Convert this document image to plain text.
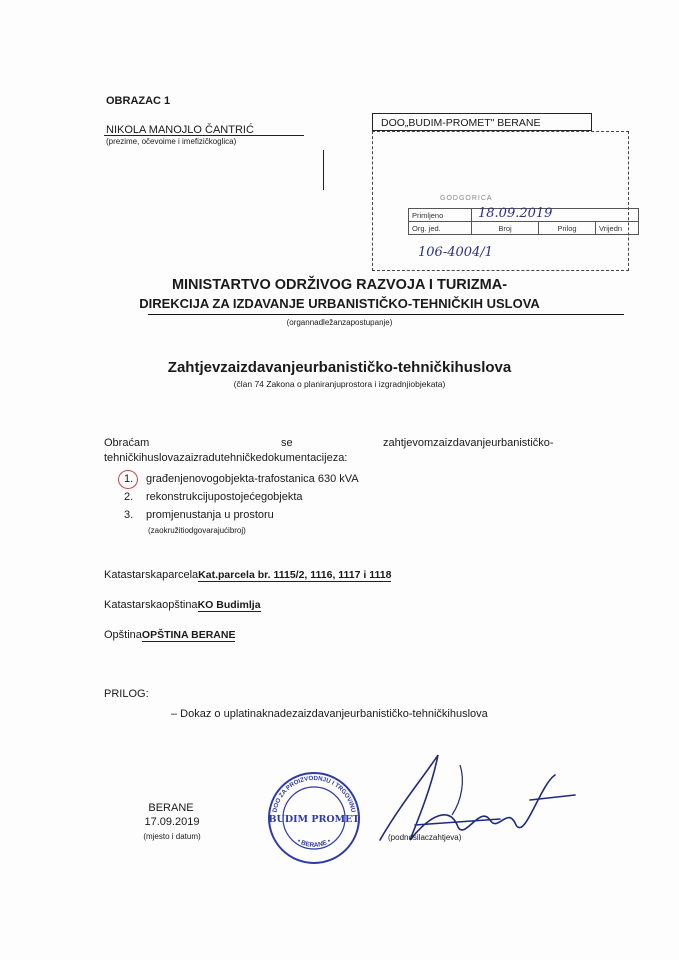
OBRAZAC 1
NIKOLA MANOJLO ČANTRIĆ
(prezime, očevoime i imefizičkoglica)
DOO„BUDIM-PROMET" BERANE
GODGORICA
Primljeno			
Org. jed.	Broj	Prilog	Vrijedn
18.09.2019
106-4004/1
MINISTARTVO ODRŽIVOG RAZVOJA I TURIZMA-
DIREKCIJA ZA IZDAVANJE URBANISTIČKO-TEHNIČKIH USLOVA
(organnadležanzapostupanje)
Zahtjevzaizdavanjeurbanističko-tehničkihuslova
(član 74 Zakona o planiranjuprostora i izgradnjiobjekata)
Obraćam	se	zahtjevomzaizdavanjeurbanističko-
tehničkihuslovazaizradutehničkedokumentacijeza:
1. građenjenovogobjekta-trafostanica 630 kVA
2. rekonstrukcijupostojećegobjekta
3. promjenustanja u prostoru
(zaokružitiodgovarajućibroj)
KatastarskaparcelaKat.parcela br. 1115/2, 1116, 1117 i 1118
KatastarskaopštinaKO Budimlja
OpštinaOPŠTINA BERANE
PRILOG:
– Dokaz o uplatinaknadezaizdavanjeurbanističko-tehničkihuslova
BERANE
17.09.2019
(mjesto i datum)
DOO ZA PROIZVODNJU I TRGOVINU
• BERANE •
BUDIM PROMET
(podnosilaczahtjeva)
